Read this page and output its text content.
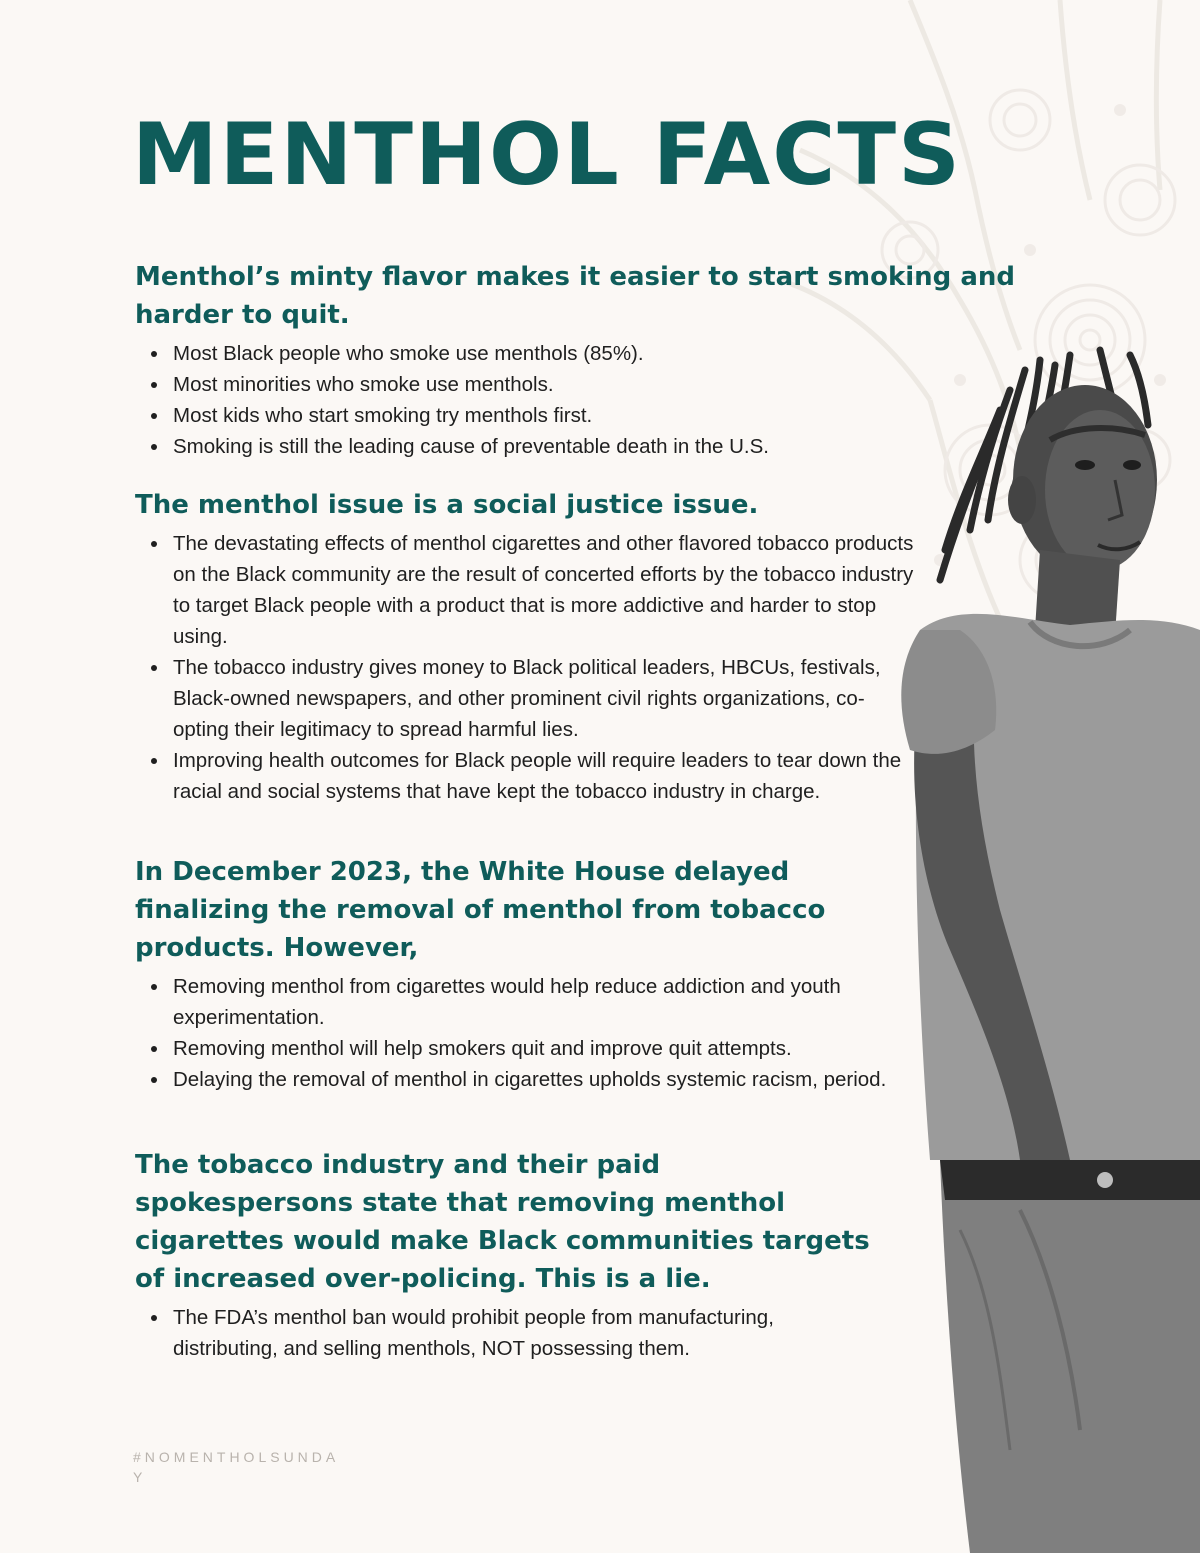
MENTHOL FACTS
Menthol’s minty flavor makes it easier to start smoking and harder to quit.
Most Black people who smoke use menthols (85%).
Most minorities who smoke use menthols.
Most kids who start smoking try menthols first.
Smoking is still the leading cause of preventable death in the U.S.
The menthol issue is a social justice issue.
The devastating effects of menthol cigarettes and other flavored tobacco products on the Black community are the result of concerted efforts by the tobacco industry to target Black people with a product that is more addictive and harder to stop using.
The tobacco industry gives money to Black political leaders, HBCUs, festivals, Black-owned newspapers, and other prominent civil rights organizations, co-opting their legitimacy to spread harmful lies.
Improving health outcomes for Black people will require leaders to tear down the racial and social systems that have kept the tobacco industry in charge.
In December 2023, the White House delayed finalizing the removal of menthol from tobacco products. However,
Removing menthol from cigarettes would help reduce addiction and youth experimentation.
Removing menthol will help smokers quit and improve quit attempts.
Delaying the removal of menthol in cigarettes upholds systemic racism, period.
The tobacco industry and their paid spokespersons state that removing menthol cigarettes would make Black communities targets of increased over-policing. This is a lie.
The FDA’s menthol ban would prohibit people from manufacturing, distributing, and selling menthols, NOT possessing them.
#NOMENTHOLSUNDAY
